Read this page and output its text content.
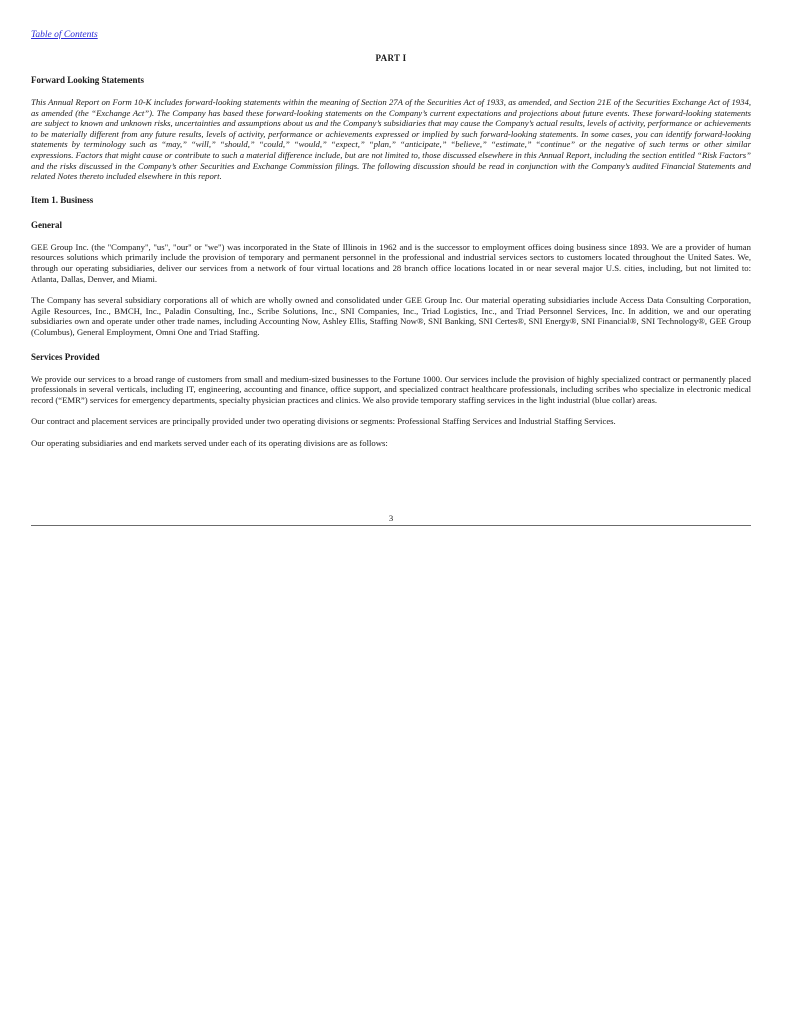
Table of Contents
PART I
Forward Looking Statements

This Annual Report on Form 10-K includes forward-looking statements within the meaning of Section 27A of the Securities Act of 1933, as amended, and Section 21E of the Securities Exchange Act of 1934, as amended (the “Exchange Act”). The Company has based these forward-looking statements on the Company’s current expectations and projections about future events. These forward-looking statements are subject to known and unknown risks, uncertainties and assumptions about us and the Company’s subsidiaries that may cause the Company’s actual results, levels of activity, performance or achievements to be materially different from any future results, levels of activity, performance or achievements expressed or implied by such forward-looking statements. In some cases, you can identify forward-looking statements by terminology such as “may,” “will,” “should,” “could,” “would,” “expect,” “plan,” “anticipate,” “believe,” “estimate,” “continue” or the negative of such terms or other similar expressions. Factors that might cause or contribute to such a material difference include, but are not limited to, those discussed elsewhere in this Annual Report, including the section entitled “Risk Factors” and the risks discussed in the Company’s other Securities and Exchange Commission filings. The following discussion should be read in conjunction with the Company’s audited Financial Statements and related Notes thereto included elsewhere in this report.

Item 1. Business
General

GEE Group Inc. (the "Company", "us", "our" or "we") was incorporated in the State of Illinois in 1962 and is the successor to employment offices doing business since 1893. We are a provider of human resources solutions which primarily include the provision of temporary and permanent personnel in the professional and industrial services sectors to customers located throughout the United Sates. We, through our operating subsidiaries, deliver our services from a network of four virtual locations and 28 branch office locations located in or near several major U.S. cities, including, but not limited to: Atlanta, Dallas, Denver, and Miami.

The Company has several subsidiary corporations all of which are wholly owned and consolidated under GEE Group Inc. Our material operating subsidiaries include Access Data Consulting Corporation, Agile Resources, Inc., BMCH, Inc., Paladin Consulting, Inc., Scribe Solutions, Inc., SNI Companies, Inc., Triad Logistics, Inc., and Triad Personnel Services, Inc. In addition, we and our operating subsidiaries own and operate under other trade names, including Accounting Now, Ashley Ellis, Staffing Now®, SNI Banking, SNI Certes®, SNI Energy®, SNI Financial®, SNI Technology®, GEE Group (Columbus), General Employment, Omni One and Triad Staffing.

Services Provided

We provide our services to a broad range of customers from small and medium-sized businesses to the Fortune 1000. Our services include the provision of highly specialized contract or permanently placed professionals in several verticals, including IT, engineering, accounting and finance, office support, and specialized contract healthcare professionals, including scribes who specialize in electronic medical record (“EMR”) services for emergency departments, specialty physician practices and clinics. We also provide temporary staffing services in the light industrial (blue collar) areas.

Our contract and placement services are principally provided under two operating divisions or segments: Professional Staffing Services and Industrial Staffing Services.

Our operating subsidiaries and end markets served under each of its operating divisions are as follows:

3
